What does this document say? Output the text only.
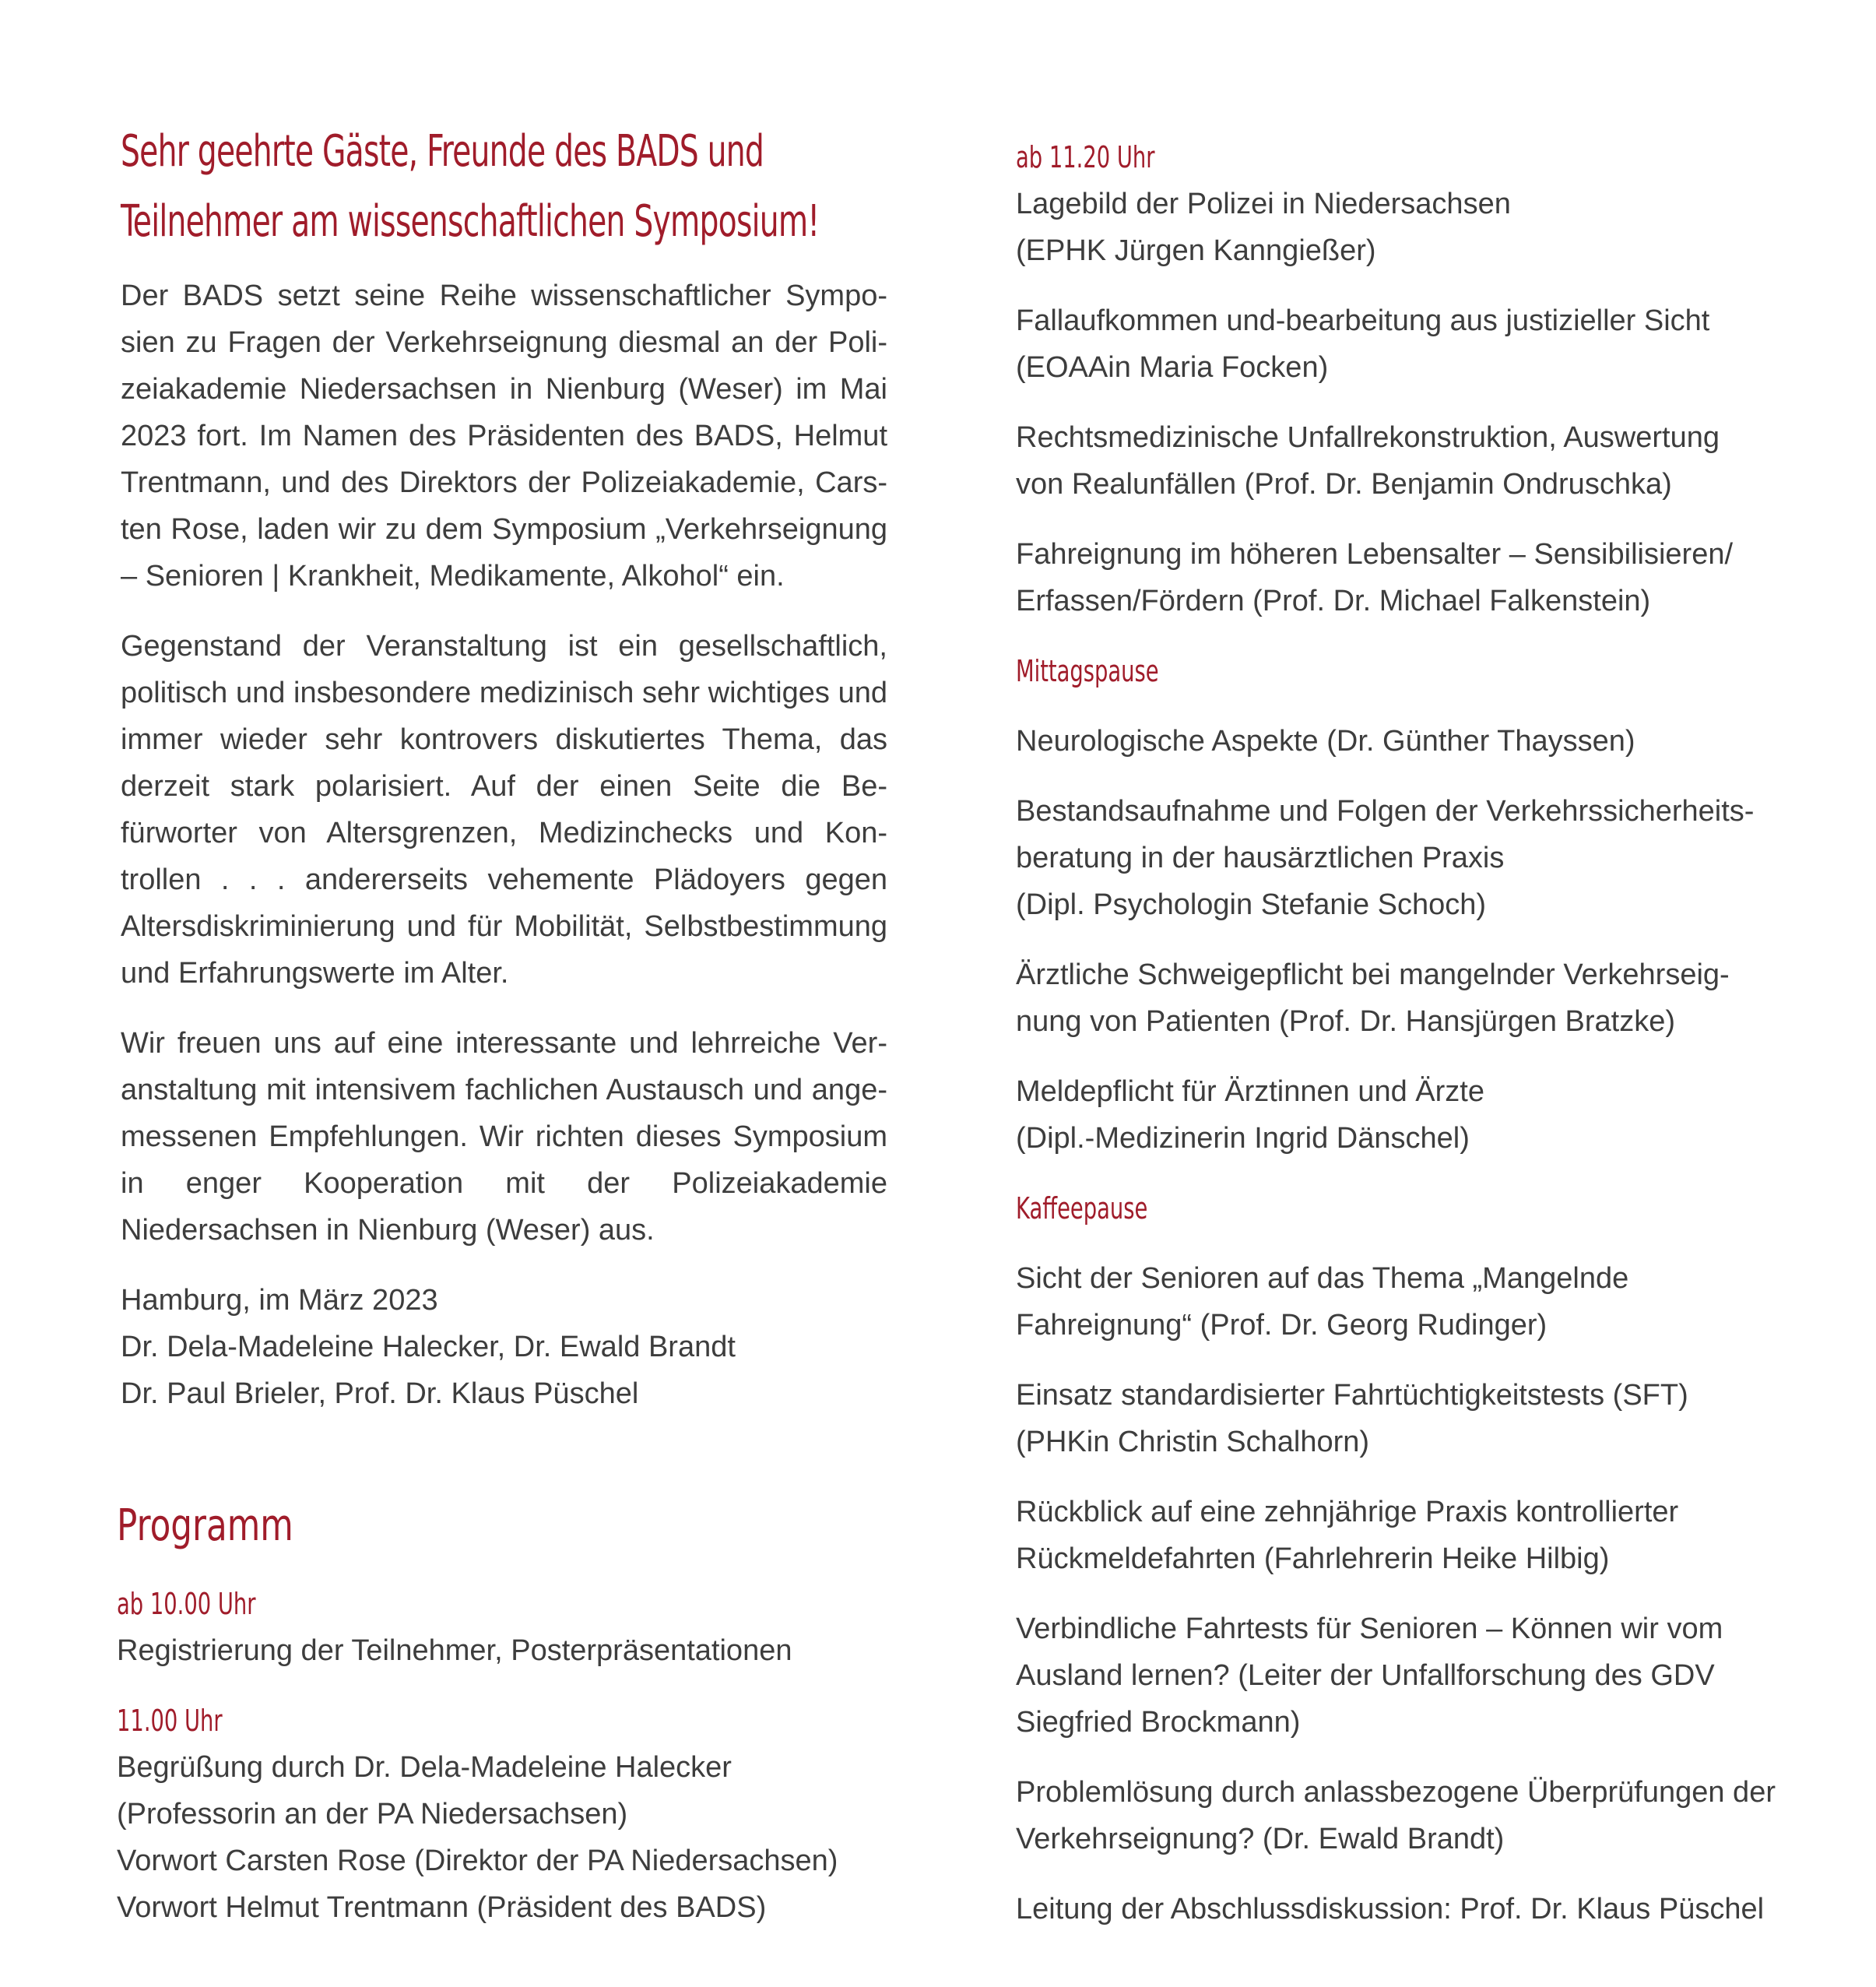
Sehr geehrte Gäste, Freunde des BADS und
Teilnehmer am wissenschaftlichen Symposium!

Der BADS setzt seine Reihe wissenschaftlicher Symposien zu Fragen der Verkehrseignung diesmal an der Polizeiakademie Niedersachsen in Nienburg (Weser) im Mai 2023 fort. Im Namen des Präsidenten des BADS, Helmut Trentmann, und des Direktors der Polizeiakademie, Carsten Rose, laden wir zu dem Symposium „Verkehrseignung – Senioren | Krankheit, Medikamente, Alkohol“ ein.

Gegenstand der Veranstaltung ist ein gesellschaftlich, politisch und insbesondere medizinisch sehr wichtiges und immer wieder sehr kontrovers diskutiertes Thema, das derzeit stark polarisiert. Auf der einen Seite die Befürworter von Altersgrenzen, Medizinchecks und Kontrollen . . . andererseits vehemente Plädoyers gegen Altersdiskriminierung und für Mobilität, Selbstbestimmung und Erfahrungswerte im Alter.

Wir freuen uns auf eine interessante und lehrreiche Veranstaltung mit intensivem fachlichen Austausch und angemessenen Empfehlungen. Wir richten dieses Symposium in enger Kooperation mit der Polizeiakademie Niedersachsen in Nienburg (Weser) aus.

Hamburg, im März 2023
Dr. Dela-Madeleine Halecker, Dr. Ewald Brandt
Dr. Paul Brieler, Prof. Dr. Klaus Püschel
Programm
ab 10.00 Uhr
Registrierung der Teilnehmer, Posterpräsentationen
11.00 Uhr
Begrüßung durch Dr. Dela-Madeleine Halecker
(Professorin an der PA Niedersachsen)
Vorwort Carsten Rose (Direktor der PA Niedersachsen)
Vorwort Helmut Trentmann (Präsident des BADS)
ab 11.20 Uhr
Lagebild der Polizei in Niedersachsen
(EPHK Jürgen Kanngießer)
Fallaufkommen und-bearbeitung aus justizieller Sicht
(EOAAin Maria Focken)
Rechtsmedizinische Unfallrekonstruktion, Auswertung
von Realunfällen (Prof. Dr. Benjamin Ondruschka)
Fahreignung im höheren Lebensalter – Sensibilisieren/
Erfassen/Fördern (Prof. Dr. Michael Falkenstein)
Mittagspause
Neurologische Aspekte (Dr. Günther Thayssen)
Bestandsaufnahme und Folgen der Verkehrssicherheits-
beratung in der hausärztlichen Praxis
(Dipl. Psychologin Stefanie Schoch)
Ärztliche Schweigepflicht bei mangelnder Verkehrseig-
nung von Patienten (Prof. Dr. Hansjürgen Bratzke)
Meldepflicht für Ärztinnen und Ärzte
(Dipl.-Medizinerin Ingrid Dänschel)
Kaffeepause
Sicht der Senioren auf das Thema „Mangelnde
Fahreignung“ (Prof. Dr. Georg Rudinger)
Einsatz standardisierter Fahrtüchtigkeitstests (SFT)
(PHKin Christin Schalhorn)
Rückblick auf eine zehnjährige Praxis kontrollierter
Rückmeldefahrten (Fahrlehrerin Heike Hilbig)
Verbindliche Fahrtests für Senioren – Können wir vom
Ausland lernen? (Leiter der Unfallforschung des GDV
Siegfried Brockmann)
Problemlösung durch anlassbezogene Überprüfungen der
Verkehrseignung? (Dr. Ewald Brandt)
Leitung der Abschlussdiskussion: Prof. Dr. Klaus Püschel
